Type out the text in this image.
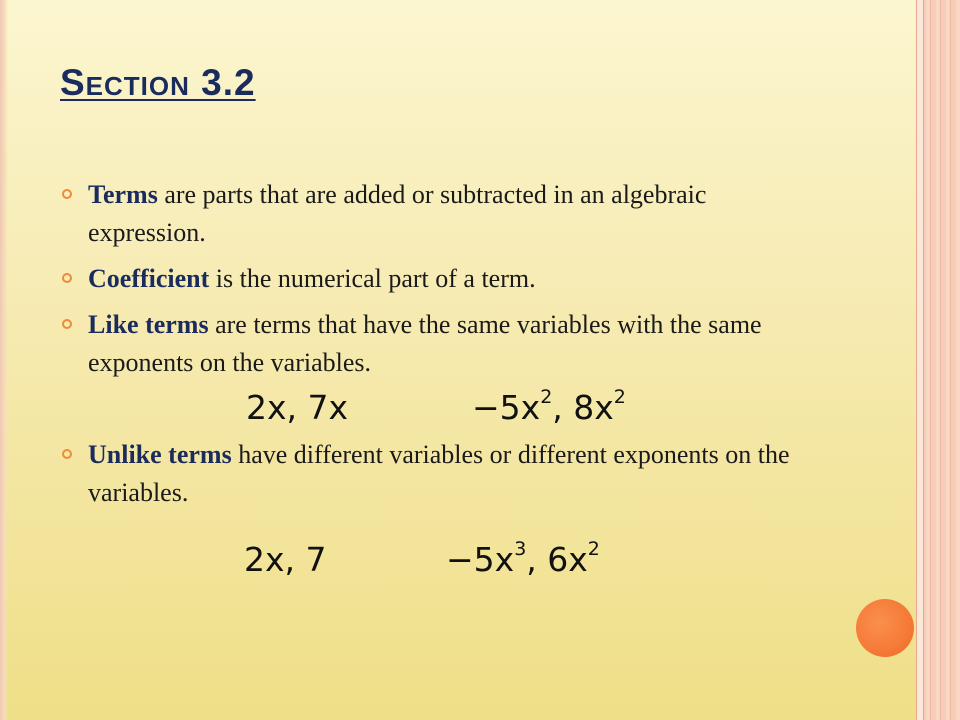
Section 3.2
Terms are parts that are added or subtracted in an algebraic expression.
Coefficient is the numerical part of a term.
Like terms are terms that have the same variables with the same exponents on the variables.
2x, 7x	$-5x^2$, $8x^2$
Unlike terms have different variables or different exponents on the variables.
2x, 7	$-5x^3$, $6x^2$
